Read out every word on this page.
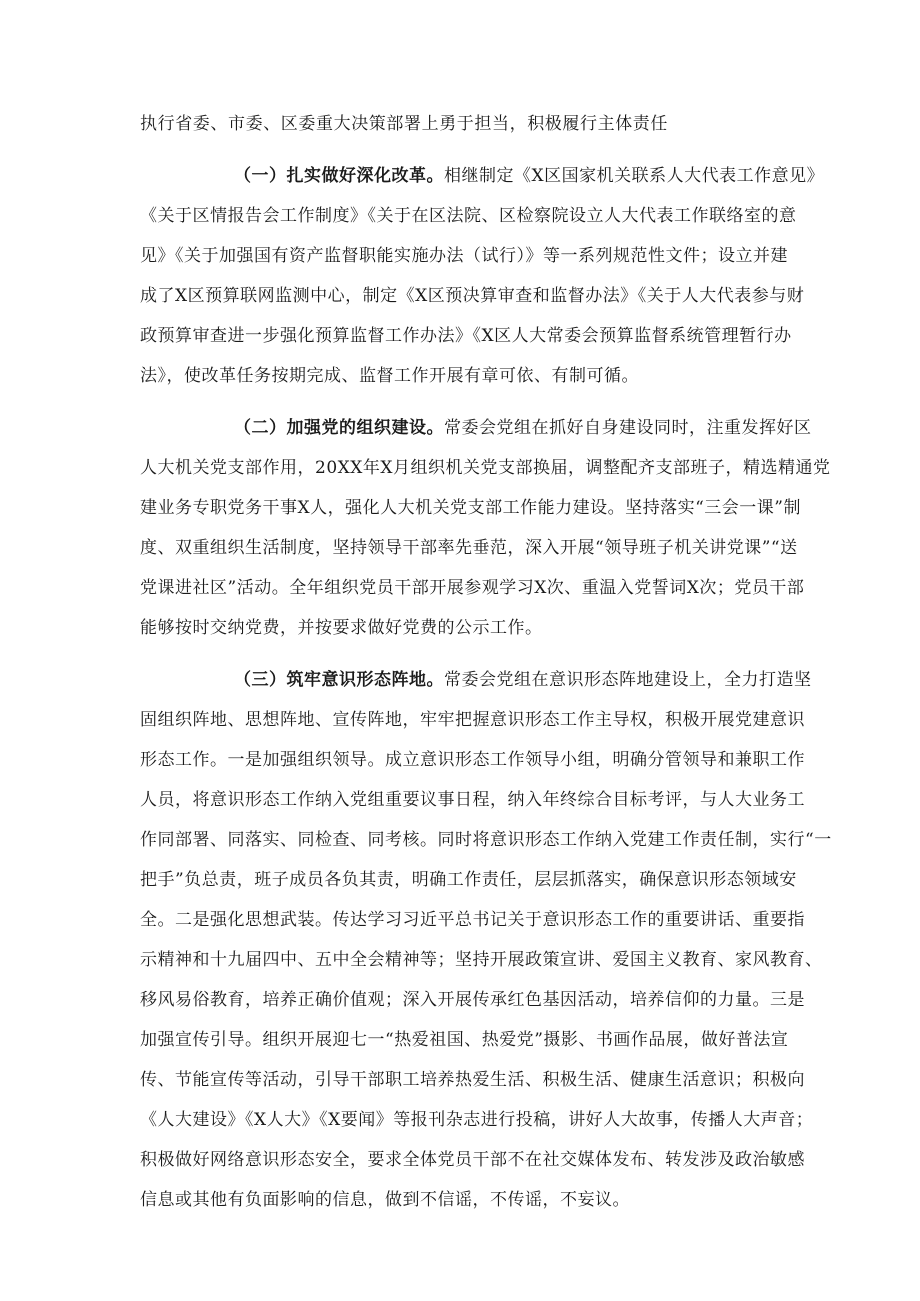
执行省委、市委、区委重大决策部署上勇于担当，积极履行主体责任
（一）扎实做好深化改革。相继制定《X区国家机关联系人大代表工作意见》
《关于区情报告会工作制度》《关于在区法院、区检察院设立人大代表工作联络室的意
见》《关于加强国有资产监督职能实施办法（试行）》等一系列规范性文件；设立并建
成了X区预算联网监测中心，制定《X区预决算审查和监督办法》《关于人大代表参与财
政预算审查进一步强化预算监督工作办法》《X区人大常委会预算监督系统管理暂行办
法》，使改革任务按期完成、监督工作开展有章可依、有制可循。
（二）加强党的组织建设。常委会党组在抓好自身建设同时，注重发挥好区
人大机关党支部作用，20XX年X月组织机关党支部换届，调整配齐支部班子，精选精通党
建业务专职党务干事X人，强化人大机关党支部工作能力建设。坚持落实“三会一课”制
度、双重组织生活制度，坚持领导干部率先垂范，深入开展“领导班子机关讲党课”“送
党课进社区”活动。全年组织党员干部开展参观学习X次、重温入党誓词X次；党员干部
能够按时交纳党费，并按要求做好党费的公示工作。
（三）筑牢意识形态阵地。常委会党组在意识形态阵地建设上，全力打造坚
固组织阵地、思想阵地、宣传阵地，牢牢把握意识形态工作主导权，积极开展党建意识
形态工作。一是加强组织领导。成立意识形态工作领导小组，明确分管领导和兼职工作
人员，将意识形态工作纳入党组重要议事日程，纳入年终综合目标考评，与人大业务工
作同部署、同落实、同检查、同考核。同时将意识形态工作纳入党建工作责任制，实行“一
把手”负总责，班子成员各负其责，明确工作责任，层层抓落实，确保意识形态领域安
全。二是强化思想武装。传达学习习近平总书记关于意识形态工作的重要讲话、重要指
示精神和十九届四中、五中全会精神等；坚持开展政策宣讲、爱国主义教育、家风教育、
移风易俗教育，培养正确价值观；深入开展传承红色基因活动，培养信仰的力量。三是
加强宣传引导。组织开展迎七一“热爱祖国、热爱党”摄影、书画作品展，做好普法宣
传、节能宣传等活动，引导干部职工培养热爱生活、积极生活、健康生活意识；积极向
《人大建设》《X人大》《X要闻》等报刊杂志进行投稿，讲好人大故事，传播人大声音；
积极做好网络意识形态安全，要求全体党员干部不在社交媒体发布、转发涉及政治敏感
信息或其他有负面影响的信息，做到不信谣，不传谣，不妄议。
